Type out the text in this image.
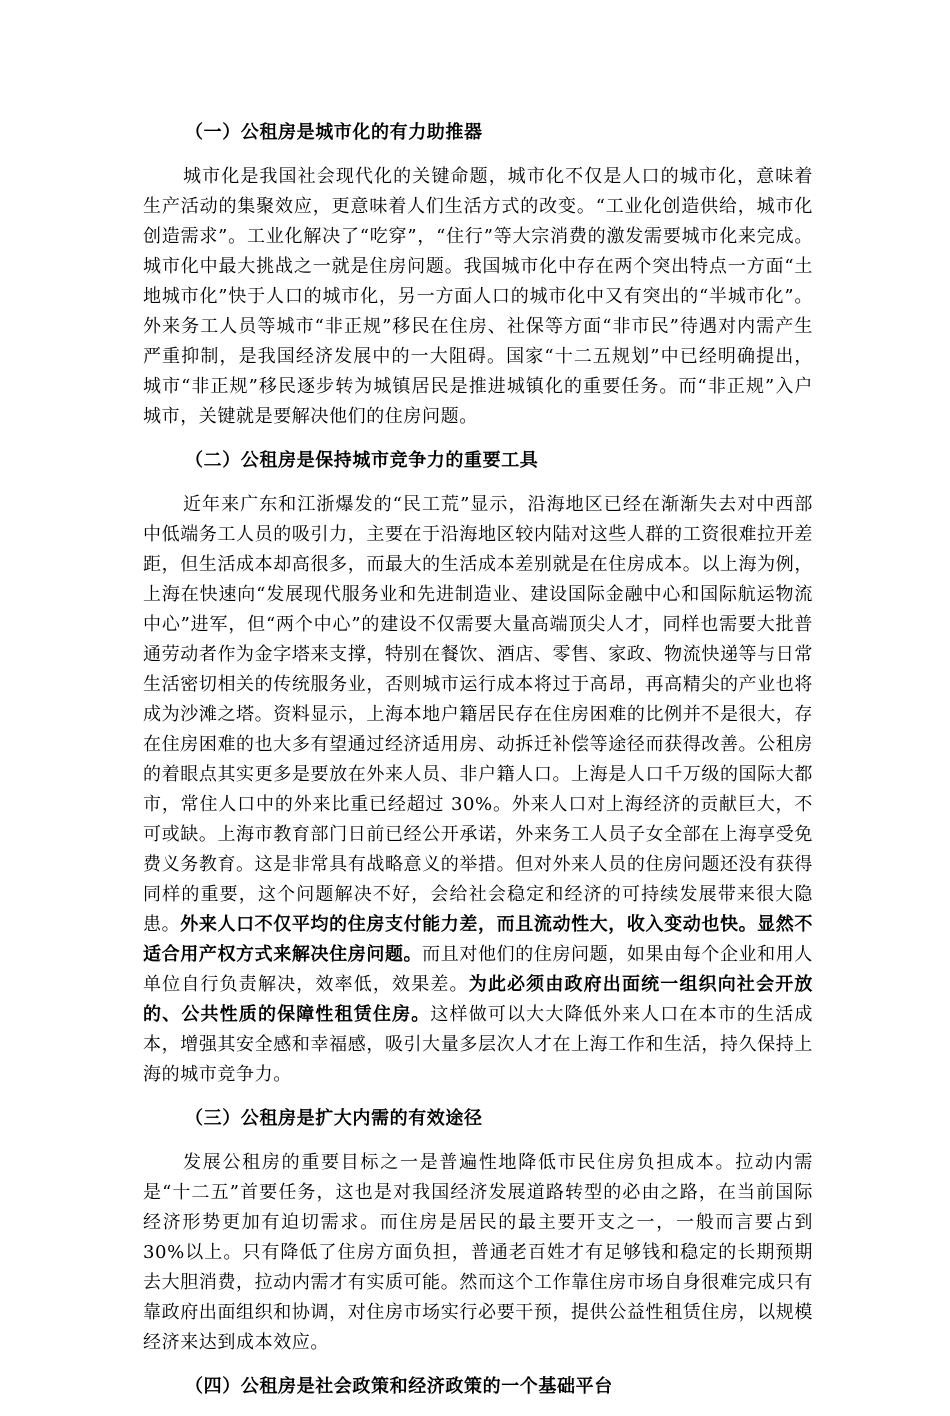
（一）公租房是城市化的有力助推器

城市化是我国社会现代化的关键命题，城市化不仅是人口的城市化，意味着生产活动的集聚效应，更意味着人们生活方式的改变。“工业化创造供给，城市化创造需求”。工业化解决了“吃穿”，“住行”等大宗消费的激发需要城市化来完成。城市化中最大挑战之一就是住房问题。我国城市化中存在两个突出特点一方面“土地城市化”快于人口的城市化，另一方面人口的城市化中又有突出的“半城市化”。外来务工人员等城市“非正规”移民在住房、社保等方面“非市民”待遇对内需产生严重抑制，是我国经济发展中的一大阻碍。国家“十二五规划”中已经明确提出，城市“非正规”移民逐步转为城镇居民是推进城镇化的重要任务。而“非正规”入户城市，关键就是要解决他们的住房问题。

（二）公租房是保持城市竞争力的重要工具

近年来广东和江浙爆发的“民工荒”显示，沿海地区已经在渐渐失去对中西部中低端务工人员的吸引力，主要在于沿海地区较内陆对这些人群的工资很难拉开差距，但生活成本却高很多，而最大的生活成本差别就是在住房成本。以上海为例，上海在快速向“发展现代服务业和先进制造业、建设国际金融中心和国际航运物流中心”进军，但“两个中心”的建设不仅需要大量高端顶尖人才，同样也需要大批普通劳动者作为金字塔来支撑，特别在餐饮、酒店、零售、家政、物流快递等与日常生活密切相关的传统服务业，否则城市运行成本将过于高昂，再高精尖的产业也将成为沙滩之塔。资料显示，上海本地户籍居民存在住房困难的比例并不是很大，存在住房困难的也大多有望通过经济适用房、动拆迁补偿等途径而获得改善。公租房的着眼点其实更多是要放在外来人员、非户籍人口。上海是人口千万级的国际大都市，常住人口中的外来比重已经超过 30%。外来人口对上海经济的贡献巨大，不可或缺。上海市教育部门日前已经公开承诺，外来务工人员子女全部在上海享受免费义务教育。这是非常具有战略意义的举措。但对外来人员的住房问题还没有获得同样的重要，这个问题解决不好，会给社会稳定和经济的可持续发展带来很大隐患。外来人口不仅平均的住房支付能力差，而且流动性大，收入变动也快。显然不适合用产权方式来解决住房问题。而且对他们的住房问题，如果由每个企业和用人单位自行负责解决，效率低，效果差。为此必须由政府出面统一组织向社会开放的、公共性质的保障性租赁住房。这样做可以大大降低外来人口在本市的生活成本，增强其安全感和幸福感，吸引大量多层次人才在上海工作和生活，持久保持上海的城市竞争力。

（三）公租房是扩大内需的有效途径

发展公租房的重要目标之一是普遍性地降低市民住房负担成本。拉动内需是“十二五”首要任务，这也是对我国经济发展道路转型的必由之路，在当前国际经济形势更加有迫切需求。而住房是居民的最主要开支之一，一般而言要占到 30%以上。只有降低了住房方面负担，普通老百姓才有足够钱和稳定的长期预期去大胆消费，拉动内需才有实质可能。然而这个工作靠住房市场自身很难完成只有靠政府出面组织和协调，对住房市场实行必要干预，提供公益性租赁住房，以规模经济来达到成本效应。

（四）公租房是社会政策和经济政策的一个基础平台
